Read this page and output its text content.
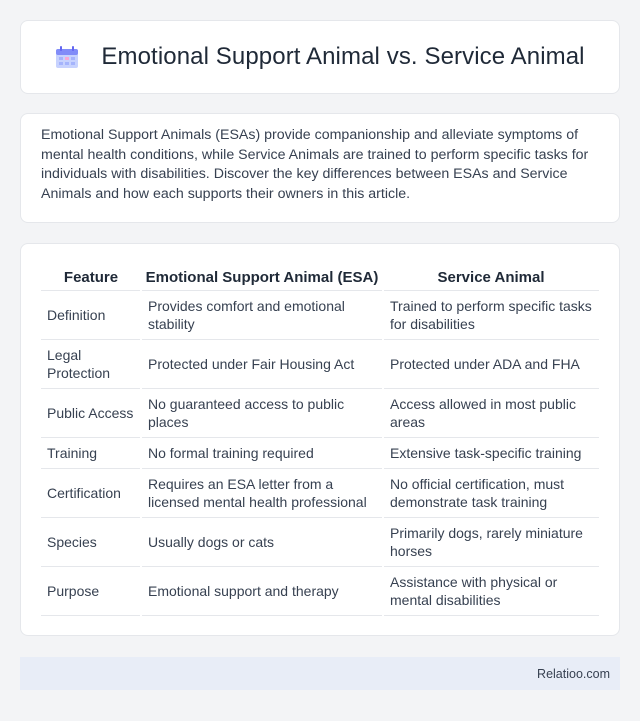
Emotional Support Animal vs. Service Animal

Emotional Support Animals (ESAs) provide companionship and alleviate symptoms of mental health conditions, while Service Animals are trained to perform specific tasks for individuals with disabilities. Discover the key differences between ESAs and Service Animals and how each supports their owners in this article.

Feature	Emotional Support Animal (ESA)	Service Animal
Definition	Provides comfort and emotional stability	Trained to perform specific tasks for disabilities
Legal Protection	Protected under Fair Housing Act	Protected under ADA and FHA
Public Access	No guaranteed access to public places	Access allowed in most public areas
Training	No formal training required	Extensive task-specific training
Certification	Requires an ESA letter from a licensed mental health professional	No official certification, must demonstrate task training
Species	Usually dogs or cats	Primarily dogs, rarely miniature horses
Purpose	Emotional support and therapy	Assistance with physical or mental disabilities
Relatioo.com
